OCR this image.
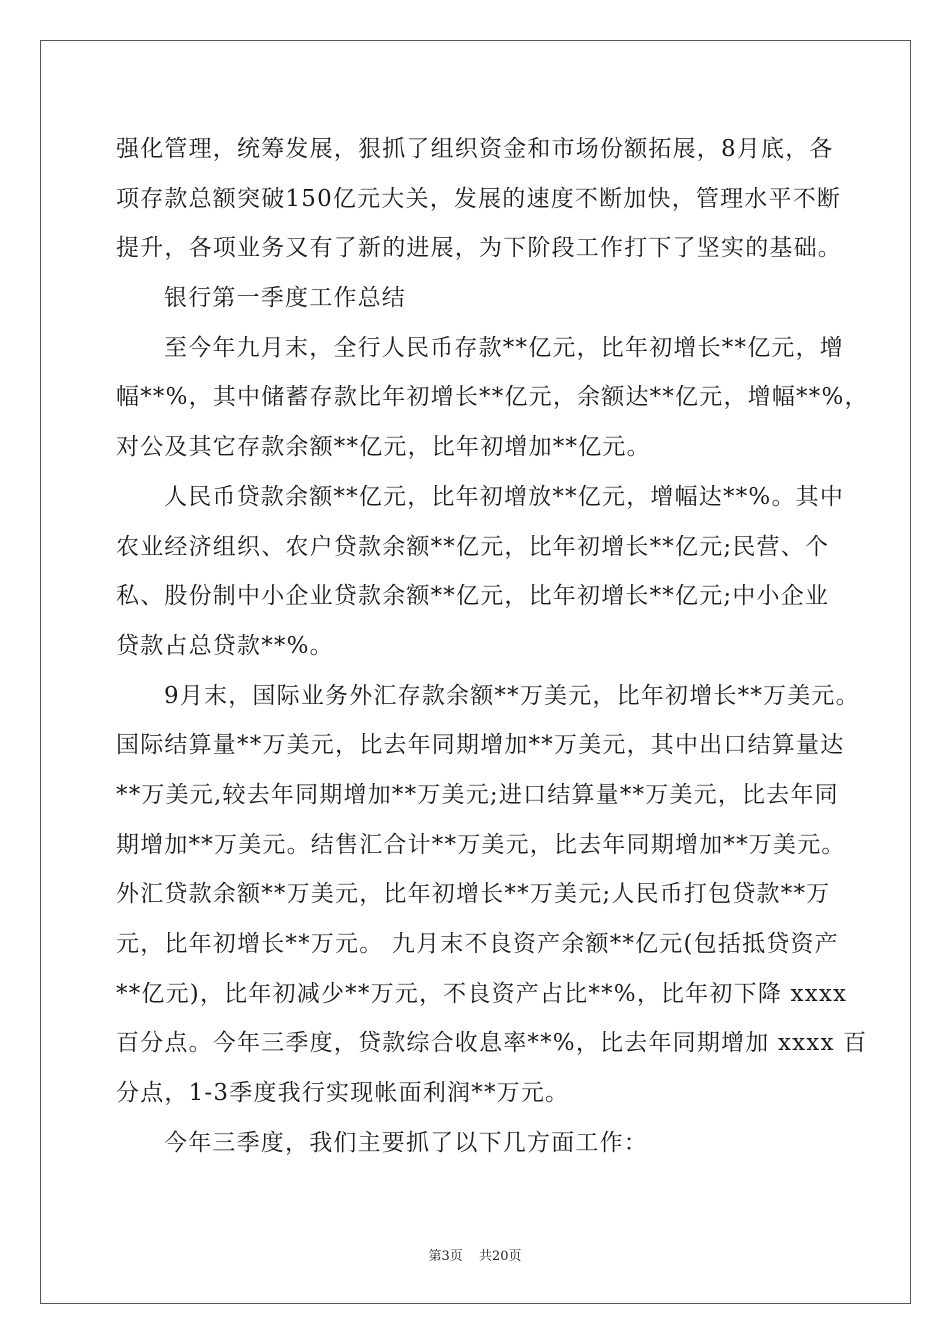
强化管理，统筹发展，狠抓了组织资金和市场份额拓展，8月底，各
项存款总额突破150亿元大关，发展的速度不断加快，管理水平不断
提升，各项业务又有了新的进展，为下阶段工作打下了坚实的基础。
银行第一季度工作总结
至今年九月末，全行人民币存款**亿元，比年初增长**亿元，增
幅**%，其中储蓄存款比年初增长**亿元，余额达**亿元，增幅**%，
对公及其它存款余额**亿元，比年初增加**亿元。
人民币贷款余额**亿元，比年初增放**亿元，增幅达**%。其中
农业经济组织、农户贷款余额**亿元，比年初增长**亿元;民营、个
私、股份制中小企业贷款余额**亿元，比年初增长**亿元;中小企业
贷款占总贷款**%。
9月末，国际业务外汇存款余额**万美元，比年初增长**万美元。
国际结算量**万美元，比去年同期增加**万美元，其中出口结算量达
**万美元,较去年同期增加**万美元;进口结算量**万美元，比去年同
期增加**万美元。结售汇合计**万美元，比去年同期增加**万美元。
外汇贷款余额**万美元，比年初增长**万美元;人民币打包贷款**万
元，比年初增长**万元。 九月末不良资产余额**亿元(包括抵贷资产
**亿元)，比年初减少**万元，不良资产占比**%，比年初下降 xxxx
百分点。今年三季度，贷款综合收息率**%，比去年同期增加 xxxx 百
分点，1-3季度我行实现帐面利润**万元。
今年三季度，我们主要抓了以下几方面工作：
第3页 共20页
